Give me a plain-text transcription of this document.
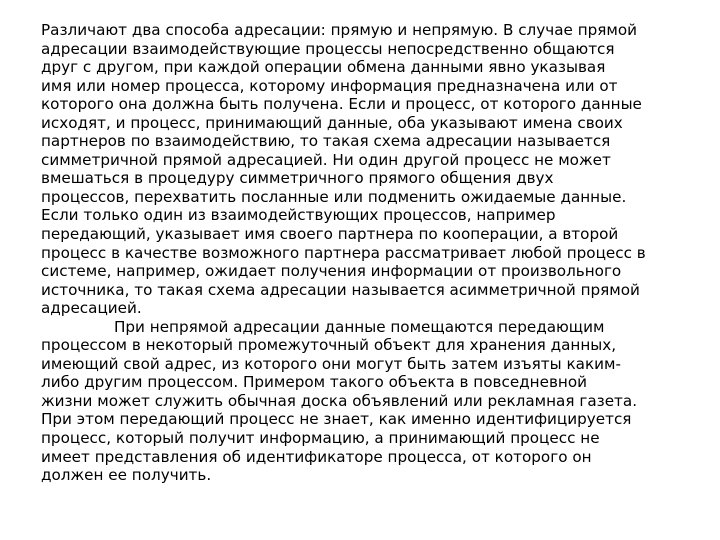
Различают два способа адресации: прямую и непрямую. В случае прямой
адресации взаимодействующие процессы непосредственно общаются
друг с другом, при каждой операции обмена данными явно указывая
имя или номер процесса, которому информация предназначена или от
которого она должна быть получена. Если и процесс, от которого данные
исходят, и процесс, принимающий данные, оба указывают имена своих
партнеров по взаимодействию, то такая схема адресации называется
симметричной прямой адресацией. Ни один другой процесс не может
вмешаться в процедуру симметричного прямого общения двух
процессов, перехватить посланные или подменить ожидаемые данные.
Если только один из взаимодействующих процессов, например
передающий, указывает имя своего партнера по кооперации, а второй
процесс в качестве возможного партнера рассматривает любой процесс в
системе, например, ожидает получения информации от произвольного
источника, то такая схема адресации называется асимметричной прямой
адресацией.
При непрямой адресации данные помещаются передающим
процессом в некоторый промежуточный объект для хранения данных,
имеющий свой адрес, из которого они могут быть затем изъяты каким-
либо другим процессом. Примером такого объекта в повседневной
жизни может служить обычная доска объявлений или рекламная газета.
При этом передающий процесс не знает, как именно идентифицируется
процесс, который получит информацию, а принимающий процесс не
имеет представления об идентификаторе процесса, от которого он
должен ее получить.
